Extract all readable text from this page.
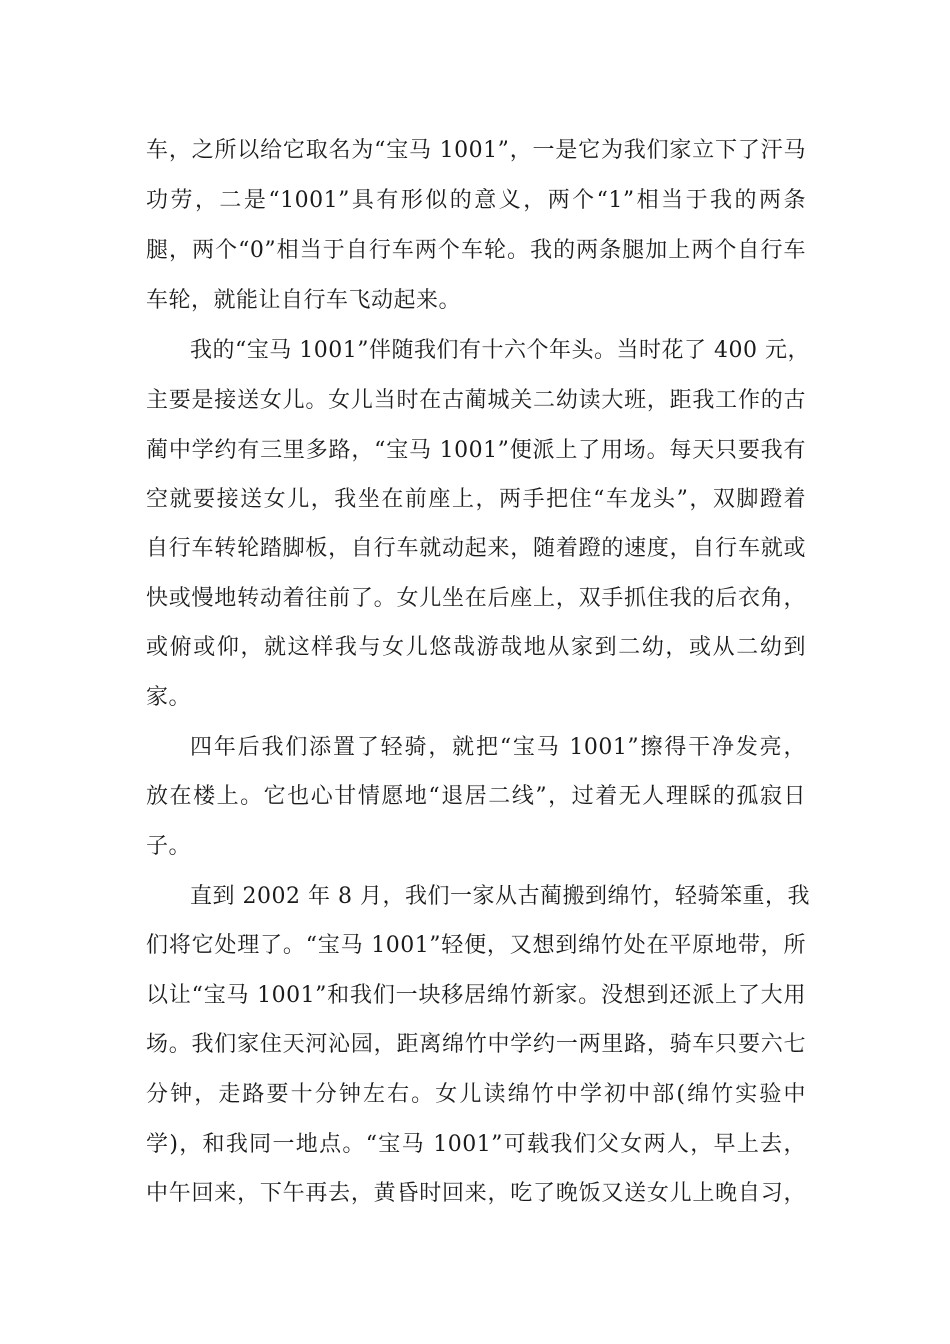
车，之所以给它取名为“宝马 1001”，一是它为我们家立下了汗马
功劳，二是“1001”具有形似的意义，两个“1”相当于我的两条
腿，两个“0”相当于自行车两个车轮。我的两条腿加上两个自行车
车轮，就能让自行车飞动起来。
我的“宝马 1001”伴随我们有十六个年头。当时花了 400 元，
主要是接送女儿。女儿当时在古蔺城关二幼读大班，距我工作的古
蔺中学约有三里多路，“宝马 1001”便派上了用场。每天只要我有
空就要接送女儿，我坐在前座上，两手把住“车龙头”，双脚蹬着
自行车转轮踏脚板，自行车就动起来，随着蹬的速度，自行车就或
快或慢地转动着往前了。女儿坐在后座上，双手抓住我的后衣角，
或俯或仰，就这样我与女儿悠哉游哉地从家到二幼，或从二幼到
家。
四年后我们添置了轻骑，就把“宝马 1001”擦得干净发亮，
放在楼上。它也心甘情愿地“退居二线”，过着无人理睬的孤寂日
子。
直到 2002 年 8 月，我们一家从古蔺搬到绵竹，轻骑笨重，我
们将它处理了。“宝马 1001”轻便，又想到绵竹处在平原地带，所
以让“宝马 1001”和我们一块移居绵竹新家。没想到还派上了大用
场。我们家住天河沁园，距离绵竹中学约一两里路，骑车只要六七
分钟，走路要十分钟左右。女儿读绵竹中学初中部(绵竹实验中
学)，和我同一地点。“宝马 1001”可载我们父女两人，早上去，
中午回来，下午再去，黄昏时回来，吃了晚饭又送女儿上晚自习，
